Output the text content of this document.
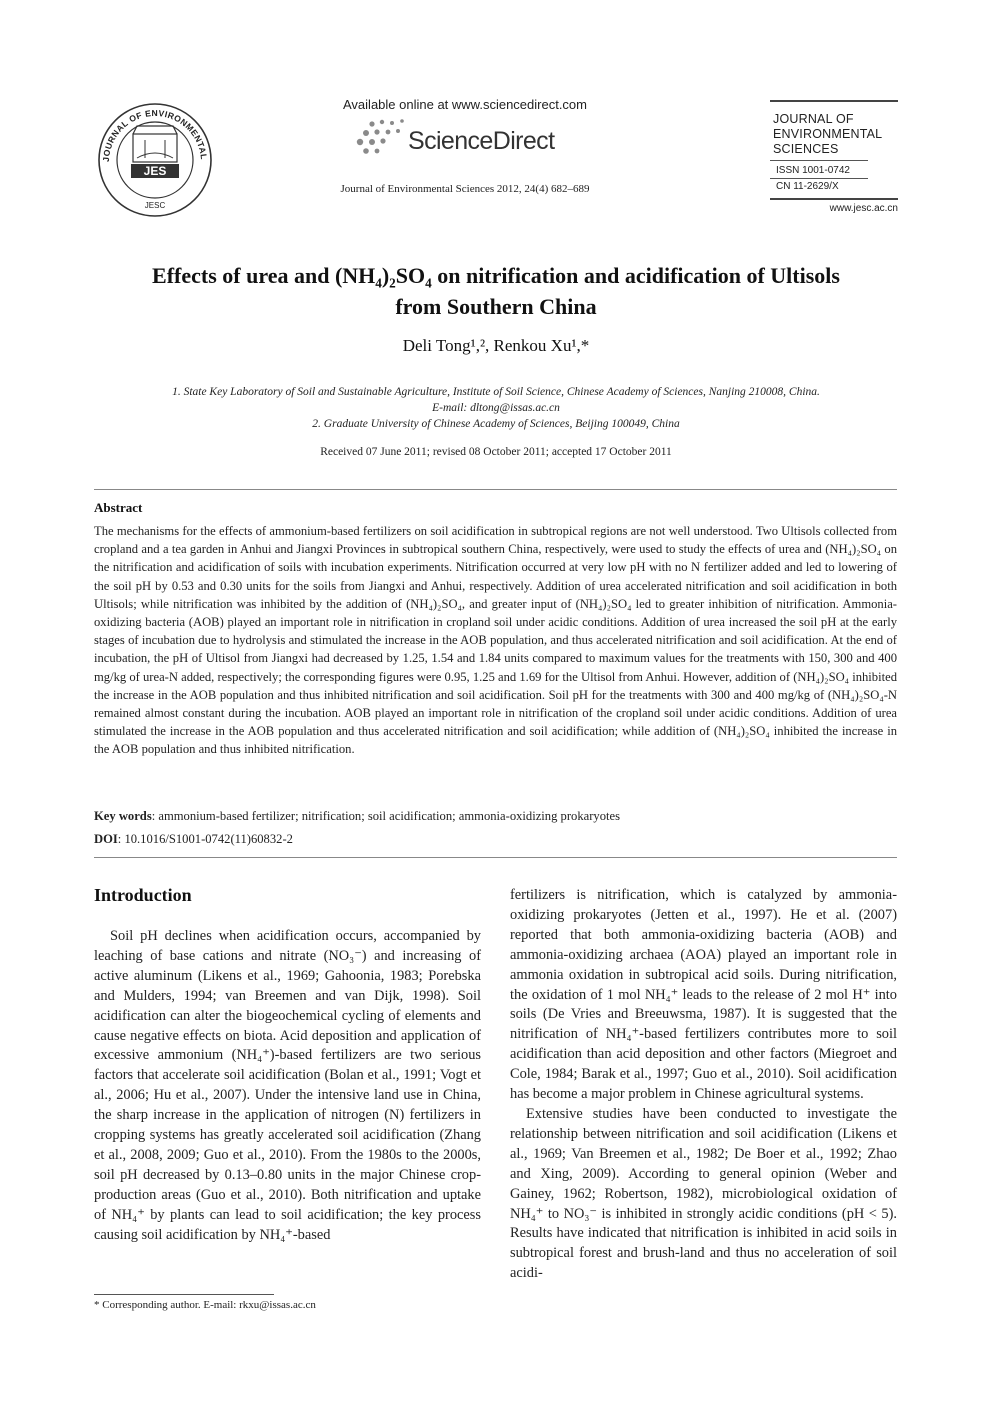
JOURNAL OF ENVIRONMENTAL
JES
JESC
Available online at www.sciencedirect.com
ScienceDirect
Journal of Environmental Sciences 2012, 24(4) 682–689
JOURNAL OF
ENVIRONMENTAL
SCIENCES
ISSN 1001-0742
CN 11-2629/X
www.jesc.ac.cn
Effects of urea and (NH₄)₂SO₄ on nitrification and acidification of Ultisols
from Southern China
Deli Tong¹,², Renkou Xu¹,*
1. State Key Laboratory of Soil and Sustainable Agriculture, Institute of Soil Science, Chinese Academy of Sciences, Nanjing 210008, China.
E-mail: dltong@issas.ac.cn
2. Graduate University of Chinese Academy of Sciences, Beijing 100049, China
Received 07 June 2011; revised 08 October 2011; accepted 17 October 2011
Abstract
The mechanisms for the effects of ammonium-based fertilizers on soil acidification in subtropical regions are not well understood. Two Ultisols collected from cropland and a tea garden in Anhui and Jiangxi Provinces in subtropical southern China, respectively, were used to study the effects of urea and (NH₄)₂SO₄ on the nitrification and acidification of soils with incubation experiments. Nitrification occurred at very low pH with no N fertilizer added and led to lowering of the soil pH by 0.53 and 0.30 units for the soils from Jiangxi and Anhui, respectively. Addition of urea accelerated nitrification and soil acidification in both Ultisols; while nitrification was inhibited by the addition of (NH₄)₂SO₄, and greater input of (NH₄)₂SO₄ led to greater inhibition of nitrification. Ammonia-oxidizing bacteria (AOB) played an important role in nitrification in cropland soil under acidic conditions. Addition of urea increased the soil pH at the early stages of incubation due to hydrolysis and stimulated the increase in the AOB population, and thus accelerated nitrification and soil acidification. At the end of incubation, the pH of Ultisol from Jiangxi had decreased by 1.25, 1.54 and 1.84 units compared to maximum values for the treatments with 150, 300 and 400 mg/kg of urea-N added, respectively; the corresponding figures were 0.95, 1.25 and 1.69 for the Ultisol from Anhui. However, addition of (NH₄)₂SO₄ inhibited the increase in the AOB population and thus inhibited nitrification and soil acidification. Soil pH for the treatments with 300 and 400 mg/kg of (NH₄)₂SO₄-N remained almost constant during the incubation. AOB played an important role in nitrification of the cropland soil under acidic conditions. Addition of urea stimulated the increase in the AOB population and thus accelerated nitrification and soil acidification; while addition of (NH₄)₂SO₄ inhibited the increase in the AOB population and thus inhibited nitrification.
Key words: ammonium-based fertilizer; nitrification; soil acidification; ammonia-oxidizing prokaryotes
DOI: 10.1016/S1001-0742(11)60832-2
Introduction

Soil pH declines when acidification occurs, accompanied by leaching of base cations and nitrate (NO₃⁻) and increasing of active aluminum (Likens et al., 1969; Gahoonia, 1983; Porebska and Mulders, 1994; van Breemen and van Dijk, 1998). Soil acidification can alter the biogeochemical cycling of elements and cause negative effects on biota. Acid deposition and application of excessive ammonium (NH₄⁺)-based fertilizers are two serious factors that accelerate soil acidification (Bolan et al., 1991; Vogt et al., 2006; Hu et al., 2007). Under the intensive land use in China, the sharp increase in the application of nitrogen (N) fertilizers in cropping systems has greatly accelerated soil acidification (Zhang et al., 2008, 2009; Guo et al., 2010). From the 1980s to the 2000s, soil pH decreased by 0.13–0.80 units in the major Chinese crop-production areas (Guo et al., 2010). Both nitrification and uptake of NH₄⁺ by plants can lead to soil acidification; the key process causing soil acidification by NH₄⁺-based

fertilizers is nitrification, which is catalyzed by ammonia-oxidizing prokaryotes (Jetten et al., 1997). He et al. (2007) reported that both ammonia-oxidizing bacteria (AOB) and ammonia-oxidizing archaea (AOA) played an important role in ammonia oxidation in subtropical acid soils. During nitrification, the oxidation of 1 mol NH₄⁺ leads to the release of 2 mol H⁺ into soils (De Vries and Breeuwsma, 1987). It is suggested that the nitrification of NH₄⁺-based fertilizers contributes more to soil acidification than acid deposition and other factors (Miegroet and Cole, 1984; Barak et al., 1997; Guo et al., 2010). Soil acidification has become a major problem in Chinese agricultural systems.

Extensive studies have been conducted to investigate the relationship between nitrification and soil acidification (Likens et al., 1969; Van Breemen et al., 1982; De Boer et al., 1992; Zhao and Xing, 2009). According to general opinion (Weber and Gainey, 1962; Robertson, 1982), microbiological oxidation of NH₄⁺ to NO₃⁻ is inhibited in strongly acidic conditions (pH < 5). Results have indicated that nitrification is inhibited in acid soils in subtropical forest and brush-land and thus no acceleration of soil acidi-

* Corresponding author. E-mail: rkxu@issas.ac.cn
